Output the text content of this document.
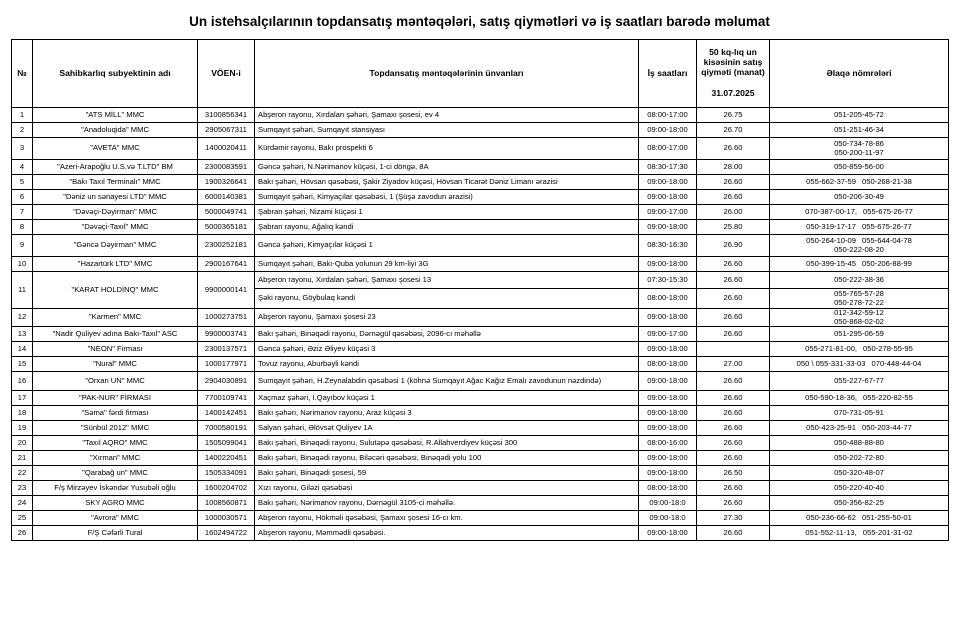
Un istehsalçılarının topdansatış məntəqələri, satış qiymətləri və iş saatları barədə məlumat
№	Sahibkarlıq subyektinin adı	VÖEN-i	Topdansatış məntəqələrinin ünvanları	İş saatları	50 kq-lıq un kisəsinin satış qiyməti (manat)
31.07.2025	Əlaqə nömrələri
1	"ATS MİLL" MMC	3100856341	Abşeron rayonu, Xırdalan şəhəri, Şamaxı şosesi, ev 4	08:00-17:00	26.75	051-205-45-72

2	"Anadoluqida" MMC	2905067311	Sumqayıt şəhəri, Sumqayıt stansiyası	09:00-18:00	26.70	051-251-46-34

3	"AVETA" MMC	1400020411	Kürdəmir rayonu, Bakı prospekti 6	08:00-17:00	26.60	050-734-78-86
050-200-11-97

4	"Azeri-Arapoğlu U.S.və T.LTD" BM	2300083591	Gəncə şəhəri, N.Nərimanov küçəsi, 1-ci döngə, 8A	08:30-17:30	28.00	050-859-56-00

5	"Bakı Taxıl Terminalı" MMC	1900326641	Bakı şəhəri, Hövsan qəsəbəsi, Şakir Ziyadov küçəsi, Hövsan Ticarət Dəniz Limanı ərazisi	09:00-18:00	26.60	055-662-37-59 050-268-21-38

6	"Dəniz un sənayesi LTD" MMC	6000140381	Sumqayıt şəhəri, Kimyaçılar qəsəbəsi, 1 (Şüşə zavodun ərazisi)	09:00-18:00	26.60	050-206-30-49

7	"Dəvəçi-Dəyirman" MMC	5000049741	Şabran şəhəri, Nizami küçəsi 1	09:00-17:00	26.00	070-387-00-17, 055-675-26-77

8	"Dəvəçi-Taxıl" MMC	5000365181	Şabran rayonu, Ağalıq kəndi	09:00-18:00	25.80	050-319-17-17 055-675-26-77

9	"Gəncə Dəyirman" MMC	2300252181	Gəncə şəhəri, Kimyaçılar küçəsi 1	08:30-16:30	26.90	050-264-10-09 055-644-04-78
050-222-08-20

10	"Hazartürk LTD" MMC	2900167641	Sumqayıt şəhəri, Bakı-Quba yolunun 29 km-liyi 3G	09:00-18:00	26.60	050-399-15-45 050-206-88-99

11	"KARAT HOLDİNQ" MMC	9900000141	Abşeron rayonu, Xırdalan şəhəri, Şamaxı şosesi 13	07:30-15:30	26.60	050-222-38-36

			Şəki rayonu, Göybulaq kəndi	08:00-18:00	26.60	055-765-57-28
050-278-72-22

12	"Karmen" MMC	1000273751	Abşeron rayonu, Şamaxı şosesi 23	09:00-18:00	26.60	012-342-59-12
050-868-02-02

13	"Nadir Quliyev adına Bakı-Taxıl" ASC	9900003741	Bakı şəhəri, Binəqədi rayonu, Dərnəgül qəsəbəsi, 2096-cı məhəllə	09:00-17:00	26.60	051-295-06-59

14	"NEON" Firması	2300137571	Gəncə şəhəri, Əziz Əliyev küçəsi 3	09:00-18:00		055-271-81-00, 050-278-55-95

15	"Nural" MMC	1000177971	Tovuz rayonu, Aburbəyli kəndi	08:00-18:00	27.00	050 \ 055-331-33-03 070-448-44-04

16	"Orxan UN" MMC	2904030891	Sumqayıt şəhəri, H.Zeynalabdin qəsəbəsi 1 (köhnə Sumqayıt Ağac Kağız Emalı zavodunun nəzdində)	09:00-18:00	26.60	055-227-67-77

17	"PAK-NUR" FİRMASI	7700109741	Xaçmaz şəhəri, İ.Qayıbov küçəsi 1	09:00-18:00	26.60	050-590-18-36, 055-220-82-55

18	"Səma" fərdi firması	1400142451	Bakı şəhəri, Nərimanov rayonu, Araz küçəsi 3	09:00-18:00	26.60	070-731-05-91

19	"Sünbül 2012" MMC	7000580191	Salyan şəhəri, Əlövsət Quliyev 1A	09:00-18:00	26.60	050-423-25-91 050-203-44-77

20	"Taxıl AQRO" MMC	1505099041	Bakı şəhəri, Binəqədi rayonu, Sulutəpə qəsəbəsi, R.Allahverdiyev küçəsi 300	08:00-16:00	26.60	050-488-88-80

21	"Xırman" MMC	1400220451	Bakı şəhəri, Binəqədi rayonu, Biləcəri qəsəbəsi, Binəqədi yolu 100	09:00-18:00	26.60	050-202-72-80

22	"Qarabağ un" MMC	1505334091	Bakı şəhəri, Binəqədi şosesi, 59	09:00-18:00	26.50	050-320-48-07

23	F/ş Mirzəyev İskəndər Yusubəli oğlu	1600204702	Xızı rayonu, Giləzi qəsəbəsi	08:00-18:00	26.60	050-220-40-40

24	SKY AGRO MMC	1008560871	Bakı şəhəri, Nərimanov rayonu, Dərnəgül 3105-ci məhəllə.	09:00-18:0	26.60	050-356-82-25

25	"Avrora" MMC	1000030571	Abşeron rayonu, Hökməli qəsəbəsi, Şamaxı şosesi 16-cı km.	09:00-18:0	27.30	050-236-66-62 051-255-50-01

26	F/Ş Cəfərli Tural	1602494722	Abşeron rayonu, Məmmədli qəsəbəsi.	09:00-18:00	26.60	051-552-11-13, 055-201-31-02
